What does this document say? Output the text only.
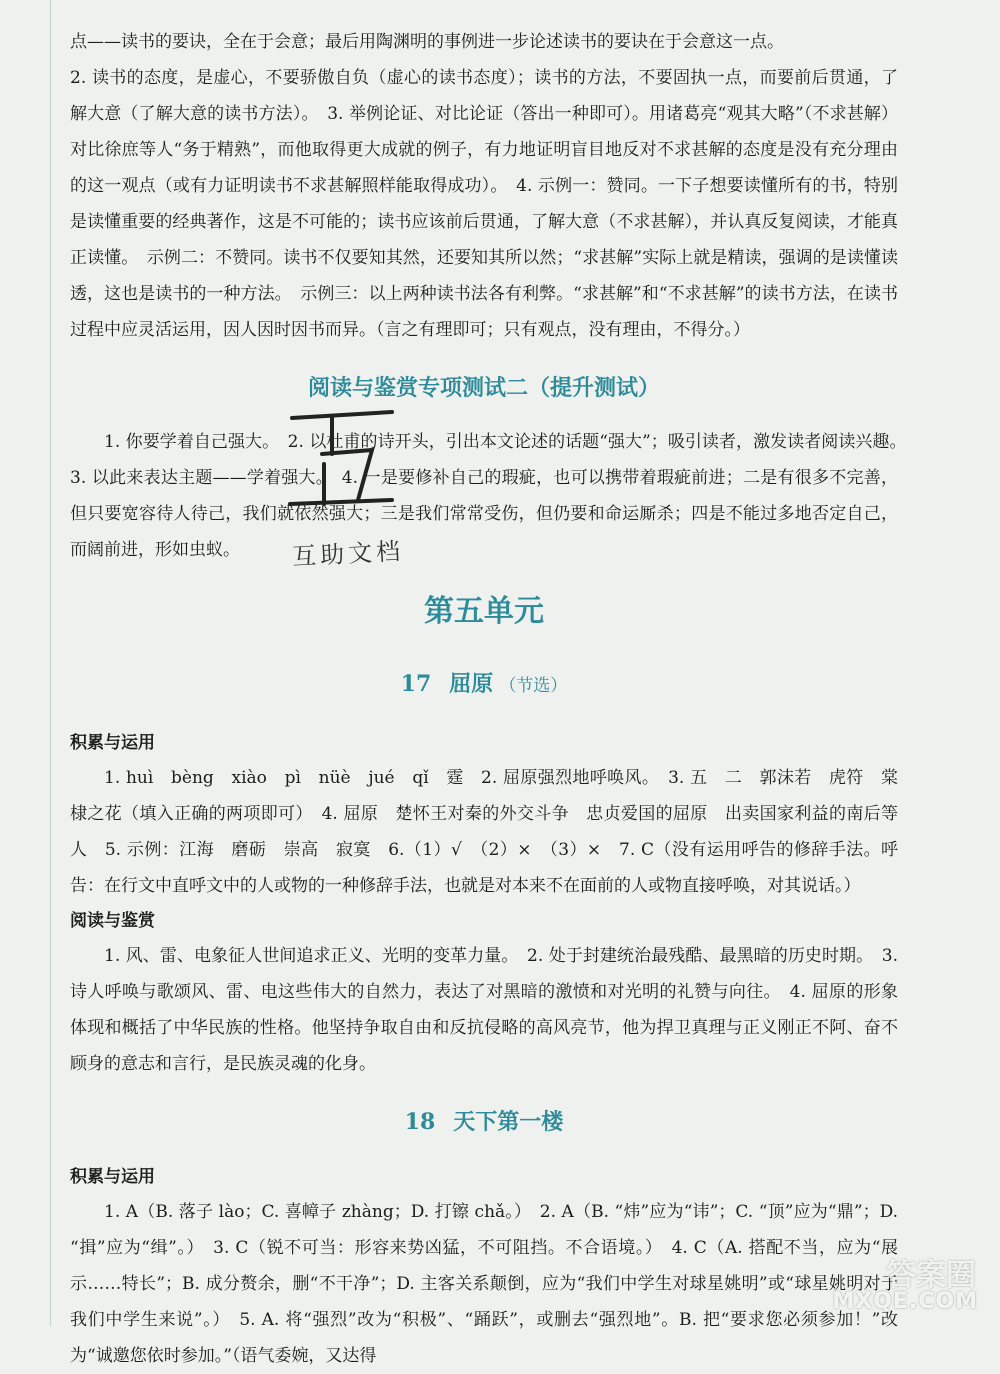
点——读书的要诀，全在于会意；最后用陶渊明的事例进一步论述读书的要诀在于会意这一点。

2. 读书的态度，是虚心，不要骄傲自负（虚心的读书态度）；读书的方法，不要固执一点，而要前后贯通，了解大意（了解大意的读书方法）。　3. 举例论证、对比论证（答出一种即可）。用诸葛亮“观其大略”（不求甚解）对比徐庶等人“务于精熟”，而他取得更大成就的例子，有力地证明盲目地反对不求甚解的态度是没有充分理由的这一观点（或有力证明读书不求甚解照样能取得成功）。　4. 示例一：赞同。一下子想要读懂所有的书，特别是读懂重要的经典著作，这是不可能的；读书应该前后贯通，了解大意（不求甚解），并认真反复阅读，才能真正读懂。　示例二：不赞同。读书不仅要知其然，还要知其所以然；“求甚解”实际上就是精读，强调的是读懂读透，这也是读书的一种方法。　示例三：以上两种读书法各有利弊。“求甚解”和“不求甚解”的读书方法，在读书过程中应灵活运用，因人因时因书而异。（言之有理即可；只有观点，没有理由，不得分。）

阅读与鉴赏专项测试二（提升测试）

1. 你要学着自己强大。　2. 以杜甫的诗开头，引出本文论述的话题“强大”；吸引读者，激发读者阅读兴趣。　3. 以此来表达主题——学着强大。　4. 一是要修补自己的瑕疵，也可以携带着瑕疵前进；二是有很多不完善，但只要宽容待人待己，我们就依然强大；三是我们常常受伤，但仍要和命运厮杀；四是不能过多地否定自己，而阔前进，形如虫蚁。

第五单元
17 屈原 （节选）
积累与运用

1. huì　bèng　xiào　pì　nüè　jué　qǐ　霆　2. 屈原强烈地呼唤风。　3. 五　二　郭沫若　虎符　棠棣之花（填入正确的两项即可）　4. 屈原　楚怀王对秦的外交斗争　忠贞爱国的屈原　出卖国家利益的南后等人　5. 示例：江海　磨砺　崇高　寂寞　6.（1）√　（2）×　（3）×　7. C（没有运用呼告的修辞手法。呼告：在行文中直呼文中的人或物的一种修辞手法，也就是对本来不在面前的人或物直接呼唤，对其说话。）

阅读与鉴赏

1. 风、雷、电象征人世间追求正义、光明的变革力量。　2. 处于封建统治最残酷、最黑暗的历史时期。　3. 诗人呼唤与歌颂风、雷、电这些伟大的自然力，表达了对黑暗的激愤和对光明的礼赞与向往。　4. 屈原的形象体现和概括了中华民族的性格。他坚持争取自由和反抗侵略的高风亮节，他为捍卫真理与正义刚正不阿、奋不顾身的意志和言行，是民族灵魂的化身。

18 天下第一楼
积累与运用

1. A（B. 落子 lào；C. 喜幛子 zhàng；D. 打镲 chǎ。）　2. A（B. “炜”应为“讳”；C. “顶”应为“鼎”；D. “揖”应为“缉”。）　3. C（锐不可当：形容来势凶猛，不可阻挡。不合语境。）　4. C（A. 搭配不当，应为“展示……特长”；B. 成分赘余，删“不干净”；D. 主客关系颠倒，应为“我们中学生对球星姚明”或“球星姚明对于我们中学生来说”。）　5. A. 将“强烈”改为“积极”、“踊跃”，或删去“强烈地”。B. 把“要求您必须参加！”改为“诚邀您依时参加。”（语气委婉，又达得

互助文档
答案圈
MXQE.COM
